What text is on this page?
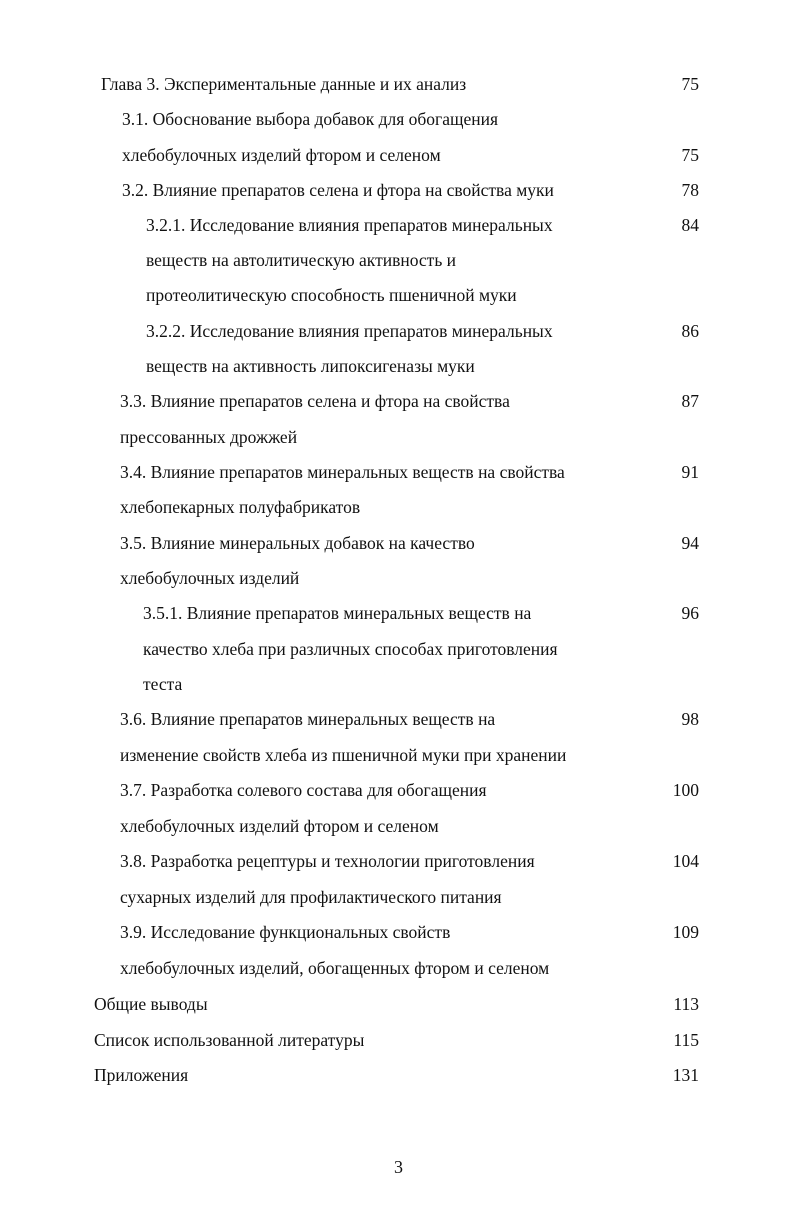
Глава 3. Экспериментальные данные и их анализ	75
3.1. Обоснование выбора добавок для обогащения
хлебобулочных изделий фтором и селеном	75
3.2. Влияние препаратов селена и фтора на свойства муки	78
3.2.1. Исследование влияния препаратов минеральных	84
веществ на автолитическую активность и
протеолитическую способность пшеничной муки
3.2.2. Исследование влияния препаратов минеральных	86
веществ на активность липоксигеназы муки
3.3. Влияние препаратов селена и фтора на свойства	87
прессованных дрожжей
3.4. Влияние препаратов минеральных веществ на свойства	91
хлебопекарных полуфабрикатов
3.5. Влияние минеральных добавок на качество	94
хлебобулочных изделий
3.5.1. Влияние препаратов минеральных веществ на	96
качество хлеба при различных способах приготовления
теста
3.6. Влияние препаратов минеральных веществ на	98
изменение свойств хлеба из пшеничной муки при хранении
3.7. Разработка солевого состава для обогащения	100
хлебобулочных изделий фтором и селеном
3.8. Разработка рецептуры и технологии приготовления	104
сухарных изделий для профилактического питания
3.9. Исследование функциональных свойств	109
хлебобулочных изделий, обогащенных фтором и селеном
Общие выводы	113
Список использованной литературы	115
Приложения	131
3
